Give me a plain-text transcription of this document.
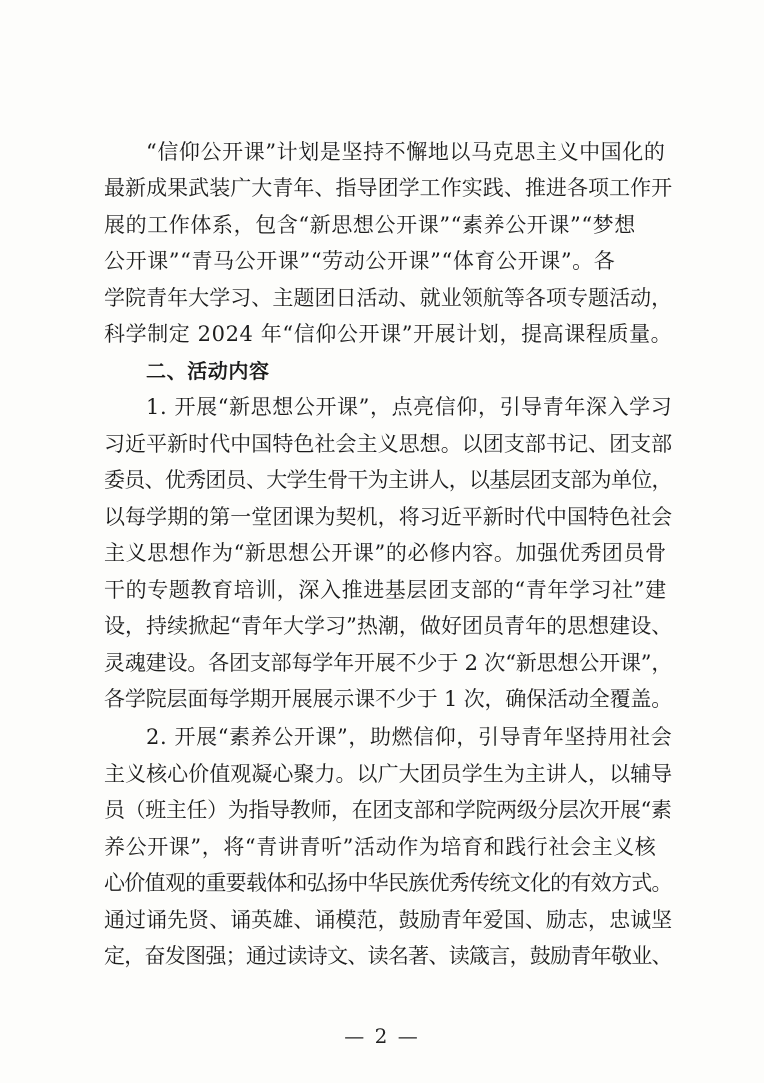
“信仰公开课”计划是坚持不懈地以马克思主义中国化的
最新成果武装广大青年、指导团学工作实践、推进各项工作开
展的工作体系，包含“新思想公开课”“素养公开课”“梦想
公开课”“青马公开课”“劳动公开课”“体育公开课”。各
学院青年大学习、主题团日活动、就业领航等各项专题活动，
科学制定 2024 年“信仰公开课”开展计划，提高课程质量。
二、活动内容
1. 开展“新思想公开课”，点亮信仰，引导青年深入学习
习近平新时代中国特色社会主义思想。以团支部书记、团支部
委员、优秀团员、大学生骨干为主讲人，以基层团支部为单位，
以每学期的第一堂团课为契机，将习近平新时代中国特色社会
主义思想作为“新思想公开课”的必修内容。加强优秀团员骨
干的专题教育培训，深入推进基层团支部的“青年学习社”建
设，持续掀起“青年大学习”热潮，做好团员青年的思想建设、
灵魂建设。各团支部每学年开展不少于 2 次“新思想公开课”，
各学院层面每学期开展展示课不少于 1 次，确保活动全覆盖。
2. 开展“素养公开课”，助燃信仰，引导青年坚持用社会
主义核心价值观凝心聚力。以广大团员学生为主讲人，以辅导
员（班主任）为指导教师，在团支部和学院两级分层次开展“素
养公开课”，将“青讲青听”活动作为培育和践行社会主义核
心价值观的重要载体和弘扬中华民族优秀传统文化的有效方式。
通过诵先贤、诵英雄、诵模范，鼓励青年爱国、励志，忠诚坚
定，奋发图强；通过读诗文、读名著、读箴言，鼓励青年敬业、
— 2 —
